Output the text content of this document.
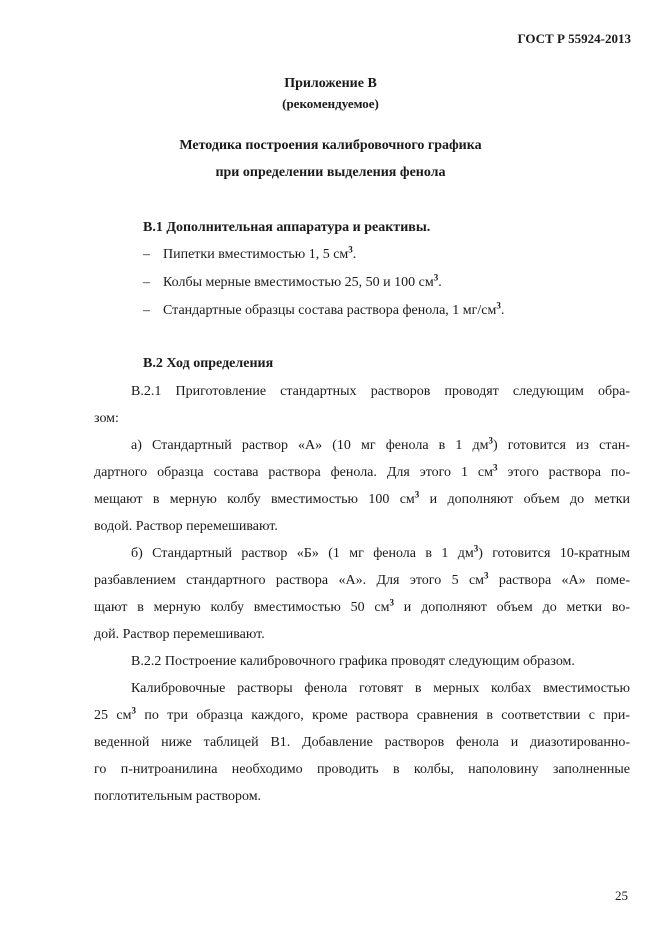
ГОСТ Р 55924-2013
Приложение В
(рекомендуемое)
Методика построения калибровочного графика
при определении выделения фенола
В.1 Дополнительная аппаратура и реактивы.
– Пипетки вместимостью 1, 5 $см^3$.
– Колбы мерные вместимостью 25, 50 и 100 $см^3$.
– Стандартные образцы состава раствора фенола, 1 $мг/см^3$.
В.2 Ход определения
В.2.1 Приготовление стандартных растворов проводят следующим обра-
зом:
а) Стандартный раствор «А» (10 мг фенола в 1 $дм^3$) готовится из стан-
дартного образца состава раствора фенола. Для этого 1 $см^3$ этого раствора по-
мещают в мерную колбу вместимостью 100 $см^3$ и дополняют объем до метки
водой. Раствор перемешивают.
б) Стандартный раствор «Б» (1 мг фенола в 1 $дм^3$) готовится 10-кратным
разбавлением стандартного раствора «А». Для этого 5 $см^3$ раствора «А» поме-
щают в мерную колбу вместимостью 50 $см^3$ и дополняют объем до метки во-
дой. Раствор перемешивают.
В.2.2 Построение калибровочного графика проводят следующим образом.
Калибровочные растворы фенола готовят в мерных колбах вместимостью
25 $см^3$ по три образца каждого, кроме раствора сравнения в соответствии с при-
веденной ниже таблицей В1. Добавление растворов фенола и диазотированно-
го п-нитроанилина необходимо проводить в колбы, наполовину заполненные
поглотительным раствором.
25
